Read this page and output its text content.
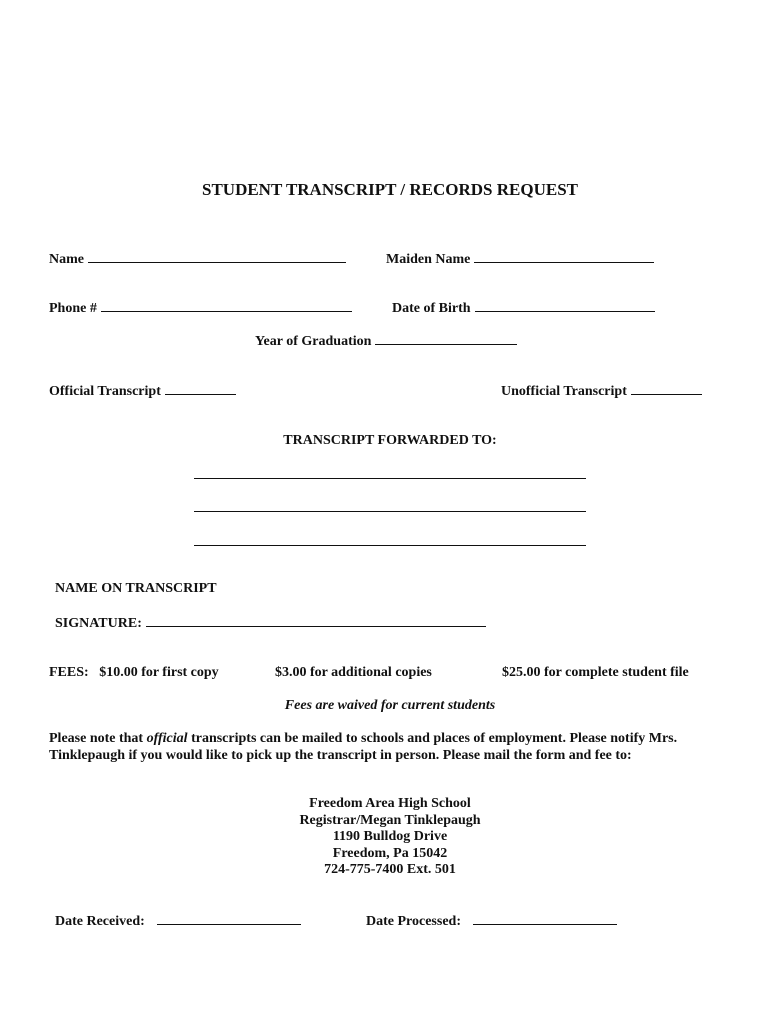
STUDENT TRANSCRIPT / RECORDS REQUEST
Name	Maiden Name
Phone #	Date of Birth
Year of Graduation
Official Transcript	Unofficial Transcript
TRANSCRIPT FORWARDED TO:
NAME ON TRANSCRIPT
SIGNATURE:
FEES: $10.00 for first copy	$3.00 for additional copies	$25.00 for complete student file
Fees are waived for current students
Please note that official transcripts can be mailed to schools and places of employment. Please notify Mrs. Tinklepaugh if you would like to pick up the transcript in person. Please mail the form and fee to:
Freedom Area High School
Registrar/Megan Tinklepaugh
1190 Bulldog Drive
Freedom, Pa 15042
724-775-7400 Ext. 501
Date Received:	Date Processed:
